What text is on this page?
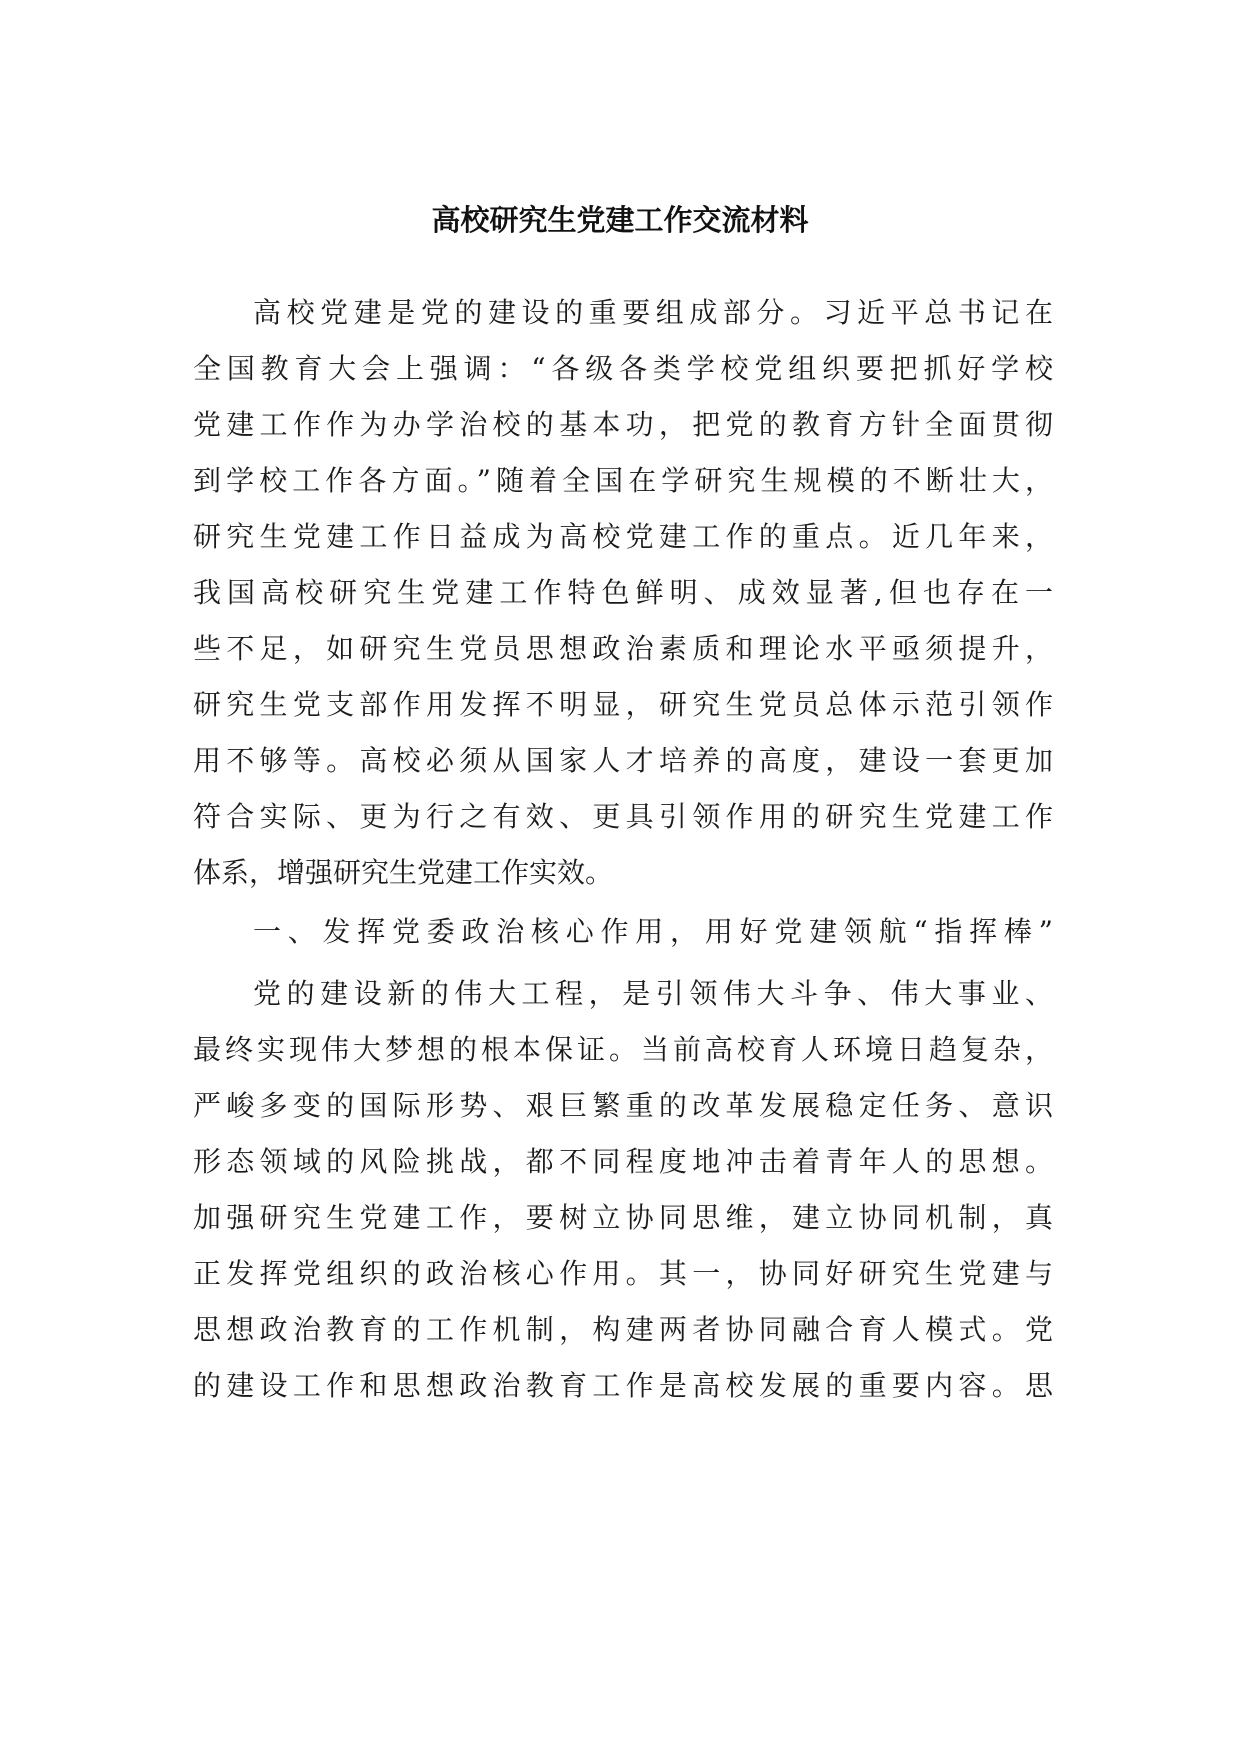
高校研究生党建工作交流材料
高校党建是党的建设的重要组成部分。习近平总书记在
全国教育大会上强调：“各级各类学校党组织要把抓好学校
党建工作作为办学治校的基本功，把党的教育方针全面贯彻
到学校工作各方面。”随着全国在学研究生规模的不断壮大，
研究生党建工作日益成为高校党建工作的重点。近几年来，
我国高校研究生党建工作特色鲜明、成效显著,但也存在一
些不足，如研究生党员思想政治素质和理论水平亟须提升，
研究生党支部作用发挥不明显，研究生党员总体示范引领作
用不够等。高校必须从国家人才培养的高度，建设一套更加
符合实际、更为行之有效、更具引领作用的研究生党建工作
体系，增强研究生党建工作实效。
一、发挥党委政治核心作用，用好党建领航“指挥棒”
党的建设新的伟大工程，是引领伟大斗争、伟大事业、
最终实现伟大梦想的根本保证。当前高校育人环境日趋复杂，
严峻多变的国际形势、艰巨繁重的改革发展稳定任务、意识
形态领域的风险挑战，都不同程度地冲击着青年人的思想。
加强研究生党建工作，要树立协同思维，建立协同机制，真
正发挥党组织的政治核心作用。其一，协同好研究生党建与
思想政治教育的工作机制，构建两者协同融合育人模式。党
的建设工作和思想政治教育工作是高校发展的重要内容。思
